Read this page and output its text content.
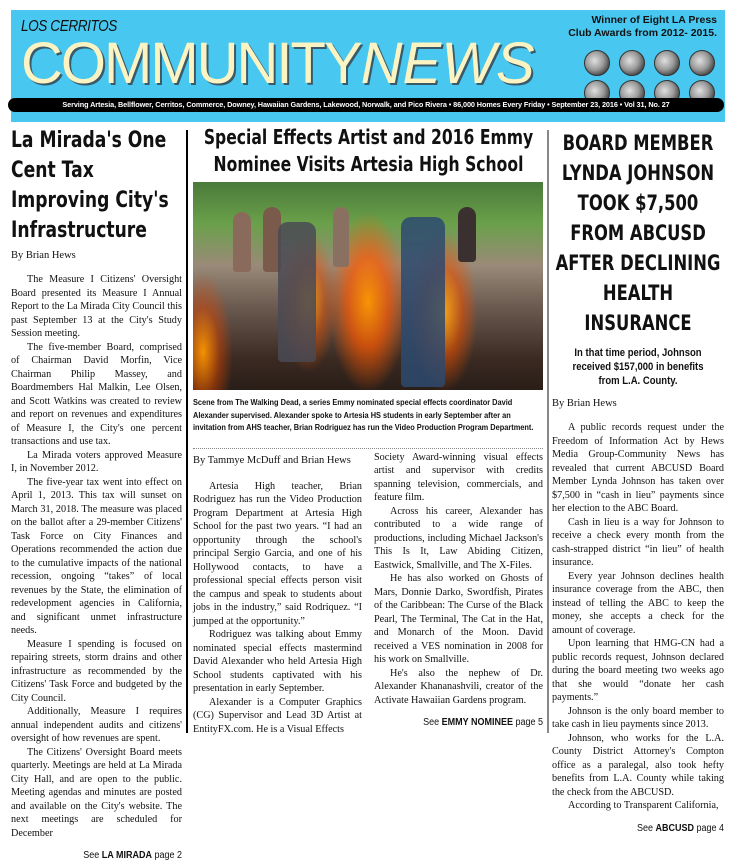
LOS CERRITOS
COMMUNITYNEWS
Winner of Eight LA Press
Club Awards from 2012- 2015.
Serving Artesia, Bellflower, Cerritos, Commerce, Downey, Hawaiian Gardens, Lakewood, Norwalk, and Pico Rivera • 86,000 Homes Every Friday • September 23, 2016 • Vol 31, No. 27
La Mirada's One Cent Tax Improving City's Infrastructure
By Brian Hews

The Measure I Citizens' Oversight Board presented its Measure I Annual Report to the La Mirada City Council this past September 13 at the City's Study Session meeting.

The five-member Board, comprised of Chairman David Morfin, Vice Chairman Philip Massey, and Boardmembers Hal Malkin, Lee Olsen, and Scott Watkins was created to review and report on revenues and expenditures of Measure I, the City's one percent transactions and use tax.

La Mirada voters approved Measure I, in November 2012.

The five-year tax went into effect on April 1, 2013. This tax will sunset on March 31, 2018. The measure was placed on the ballot after a 29-member Citizens' Task Force on City Finances and Operations recommended the action due to the cumulative impacts of the national recession, ongoing “takes” of local revenues by the State, the elimination of redevelopment agencies in California, and significant unmet infrastructure needs.

Measure I spending is focused on repairing streets, storm drains and other infrastructure as recommended by the Citizens' Task Force and budgeted by the City Council.

Additionally, Measure I requires annual independent audits and citizens' oversight of how revenues are spent.

The Citizens' Oversight Board meets quarterly. Meetings are held at La Mirada City Hall, and are open to the public. Meeting agendas and minutes are posted and available on the City's website. The next meetings are scheduled for December

See LA MIRADA page 2
Special Effects Artist and 2016 Emmy Nominee Visits Artesia High School
Scene from The Walking Dead, a series Emmy nominated special effects coordinator David Alexander supervised. Alexander spoke to Artesia HS students in early September after an invitation from AHS teacher, Brian Rodriguez has run the Video Production Program Department.
By Tammye McDuff and Brian Hews

Artesia High teacher, Brian Rodriguez has run the Video Production Program Department at Artesia High School for the past two years. “I had an opportunity through the school's principal Sergio Garcia, and one of his Hollywood contacts, to have a professional special effects person visit the campus and speak to students about jobs in the industry,” said Rodriquez. “I jumped at the opportunity.”

Rodriguez was talking about Emmy nominated special effects mastermind David Alexander who held Artesia High School students captivated with his presentation in early September.

Alexander is a Computer Graphics (CG) Supervisor and Lead 3D Artist at EntityFX.com. He is a Visual Effects

Society Award-winning visual effects artist and supervisor with credits spanning television, commercials, and feature film.

Across his career, Alexander has contributed to a wide range of productions, including Michael Jackson's This Is It, Law Abiding Citizen, Eastwick, Smallville, and The X-Files.

He has also worked on Ghosts of Mars, Donnie Darko, Swordfish, Pirates of the Caribbean: The Curse of the Black Pearl, The Terminal, The Cat in the Hat, and Monarch of the Moon. David received a VES nomination in 2008 for his work on Smallville.

He's also the nephew of Dr. Alexander Khananashvili, creator of the Activate Hawaiian Gardens program.

See EMMY NOMINEE page 5
BOARD MEMBER LYNDA JOHNSON TOOK $7,500 FROM ABCUSD AFTER DECLINING HEALTH INSURANCE
In that time period, Johnson received $157,000 in benefits from L.A. County.
By Brian Hews

A public records request under the Freedom of Information Act by Hews Media Group-Community News has revealed that current ABCUSD Board Member Lynda Johnson has taken over $7,500 in “cash in lieu” payments since her election to the ABC Board.

Cash in lieu is a way for Johnson to receive a check every month from the cash-strapped district “in lieu” of health insurance.

Every year Johnson declines health insurance coverage from the ABC, then instead of telling the ABC to keep the money, she accepts a check for the amount of coverage.

Upon learning that HMG-CN had a public records request, Johnson declared during the board meeting two weeks ago that she would “donate her cash payments.”

Johnson is the only board member to take cash in lieu payments since 2013.

Johnson, who works for the L.A. County District Attorney's Compton office as a paralegal, also took hefty benefits from L.A. County while taking the check from the ABCUSD.

According to Transparent California,

See ABCUSD page 4
